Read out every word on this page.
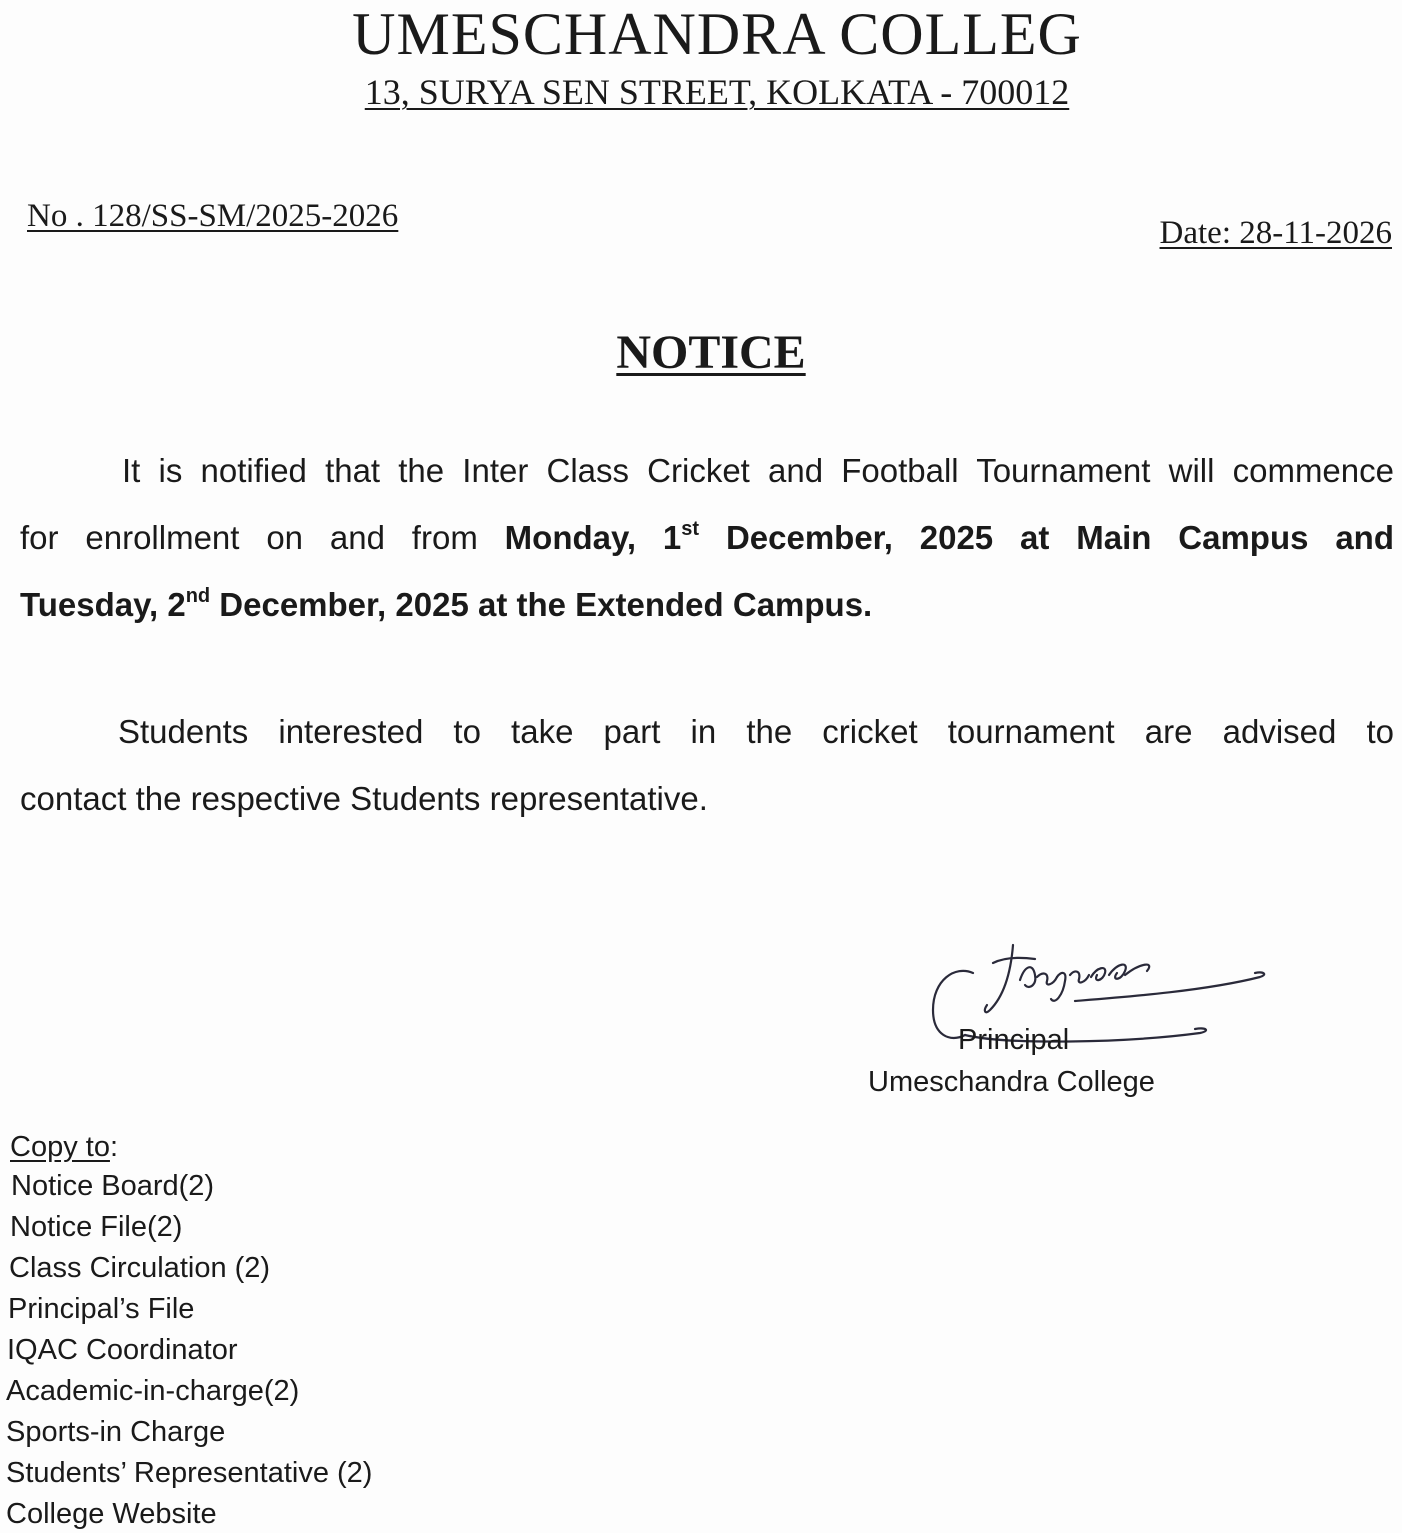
UMESCHANDRA COLLEG
13, SURYA SEN STREET, KOLKATA - 700012
No . 128/SS-SM/2025-2026	Date: 28-11-2026
NOTICE
It is notified that the Inter Class Cricket and Football Tournament will commence
for enrollment on and from Monday, 1st December, 2025 at Main Campus and
Tuesday, 2nd December, 2025 at the Extended Campus.
Students interested to take part in the cricket tournament are advised to
contact the respective Students representative.
Principal
Umeschandra College
Copy to:
Notice Board(2)
Notice File(2)
Class Circulation (2)
Principal’s File
IQAC Coordinator
Academic-in-charge(2)
Sports-in Charge
Students’ Representative (2)
College Website
